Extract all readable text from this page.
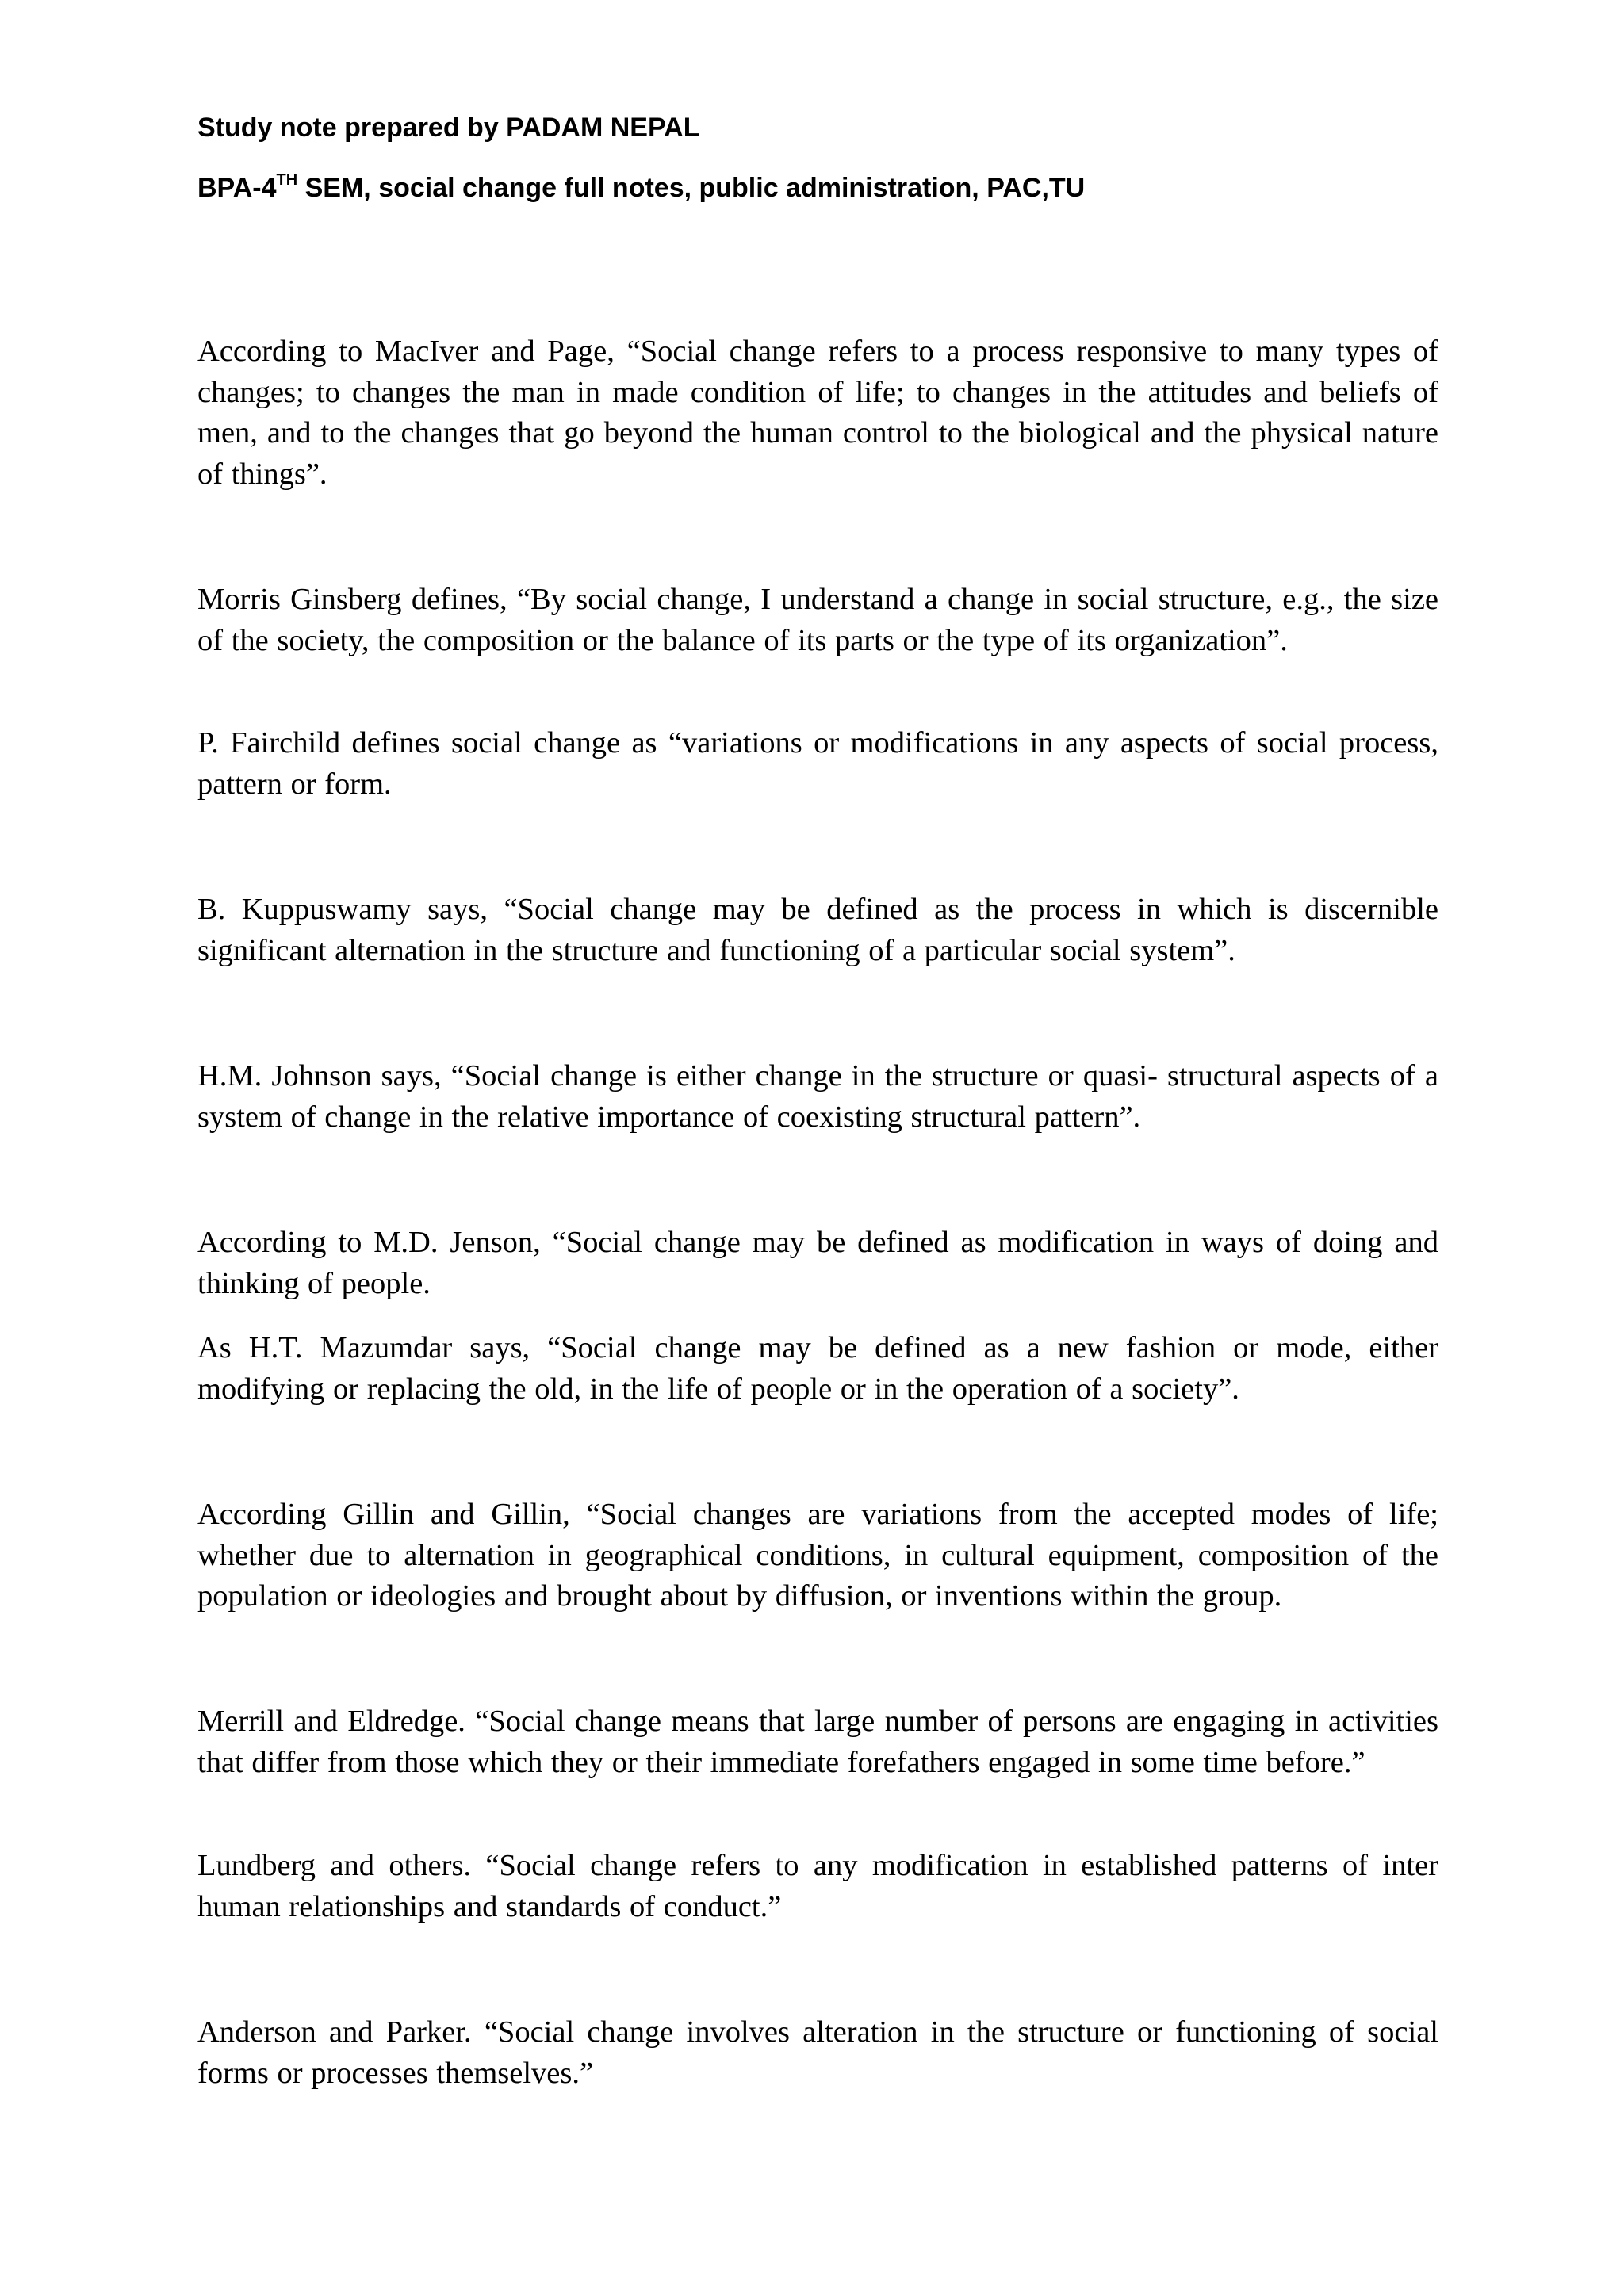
Study note prepared by PADAM NEPAL
BPA-4TH SEM, social change full notes, public administration, PAC,TU

According to MacIver and Page, “Social change refers to a process responsive to many types of changes; to changes the man in made condition of life; to changes in the attitudes and beliefs of men, and to the changes that go beyond the human control to the biological and the physical nature of things”.

Morris Ginsberg defines, “By social change, I understand a change in social structure, e.g., the size of the society, the composition or the balance of its parts or the type of its organization”.

P. Fairchild defines social change as “variations or modifications in any aspects of social process, pattern or form.

B. Kuppuswamy says, “Social change may be defined as the process in which is discernible significant alternation in the structure and functioning of a particular social system”.

H.M. Johnson says, “Social change is either change in the structure or quasi- structural aspects of a system of change in the relative importance of coexisting structural pattern”.

According to M.D. Jenson, “Social change may be defined as modification in ways of doing and thinking of people.

As H.T. Mazumdar says, “Social change may be defined as a new fashion or mode, either modifying or replacing the old, in the life of people or in the operation of a society”.

According Gillin and Gillin, “Social changes are variations from the accepted modes of life; whether due to alternation in geographical conditions, in cultural equipment, composition of the population or ideologies and brought about by diffusion, or inventions within the group.

Merrill and Eldredge. “Social change means that large number of persons are engaging in activities that differ from those which they or their immediate forefathers engaged in some time before.”

Lundberg and others. “Social change refers to any modification in established patterns of inter human relationships and standards of conduct.”

Anderson and Parker. “Social change involves alteration in the structure or functioning of social forms or processes themselves.”
